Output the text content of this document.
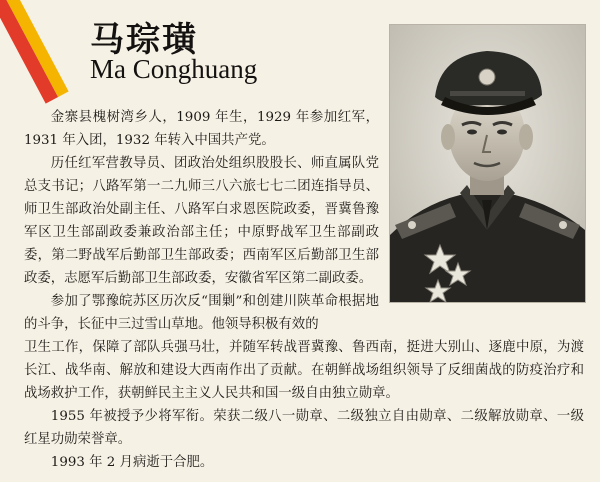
马琮璜
Ma Conghuang

金寨县槐树湾乡人，1909 年生，1929 年参加红军，1931 年入团，1932 年转入中国共产党。

历任红军营教导员、团政治处组织股股长、师直属队党总支书记；八路军第一二九师三八六旅七七二团连指导员、师卫生部政治处副主任、八路军白求恩医院政委，晋冀鲁豫军区卫生部副政委兼政治部主任；中原野战军卫生部副政委，第二野战军后勤部卫生部政委；西南军区后勤部卫生部政委，志愿军后勤部卫生部政委，安徽省军区第二副政委。

参加了鄂豫皖苏区历次反“围剿”和创建川陕革命根据地的斗争，长征中三过雪山草地。他领导积极有效的

卫生工作，保障了部队兵强马壮，并随军转战晋冀豫、鲁西南，挺进大别山、逐鹿中原，为渡长江、战华南、解放和建设大西南作出了贡献。在朝鲜战场组织领导了反细菌战的防疫治疗和战场救护工作，获朝鲜民主主义人民共和国一级自由独立勋章。

1955 年被授予少将军衔。荣获二级八一勋章、二级独立自由勋章、二级解放勋章、一级红星功勋荣誉章。

1993 年 2 月病逝于合肥。
